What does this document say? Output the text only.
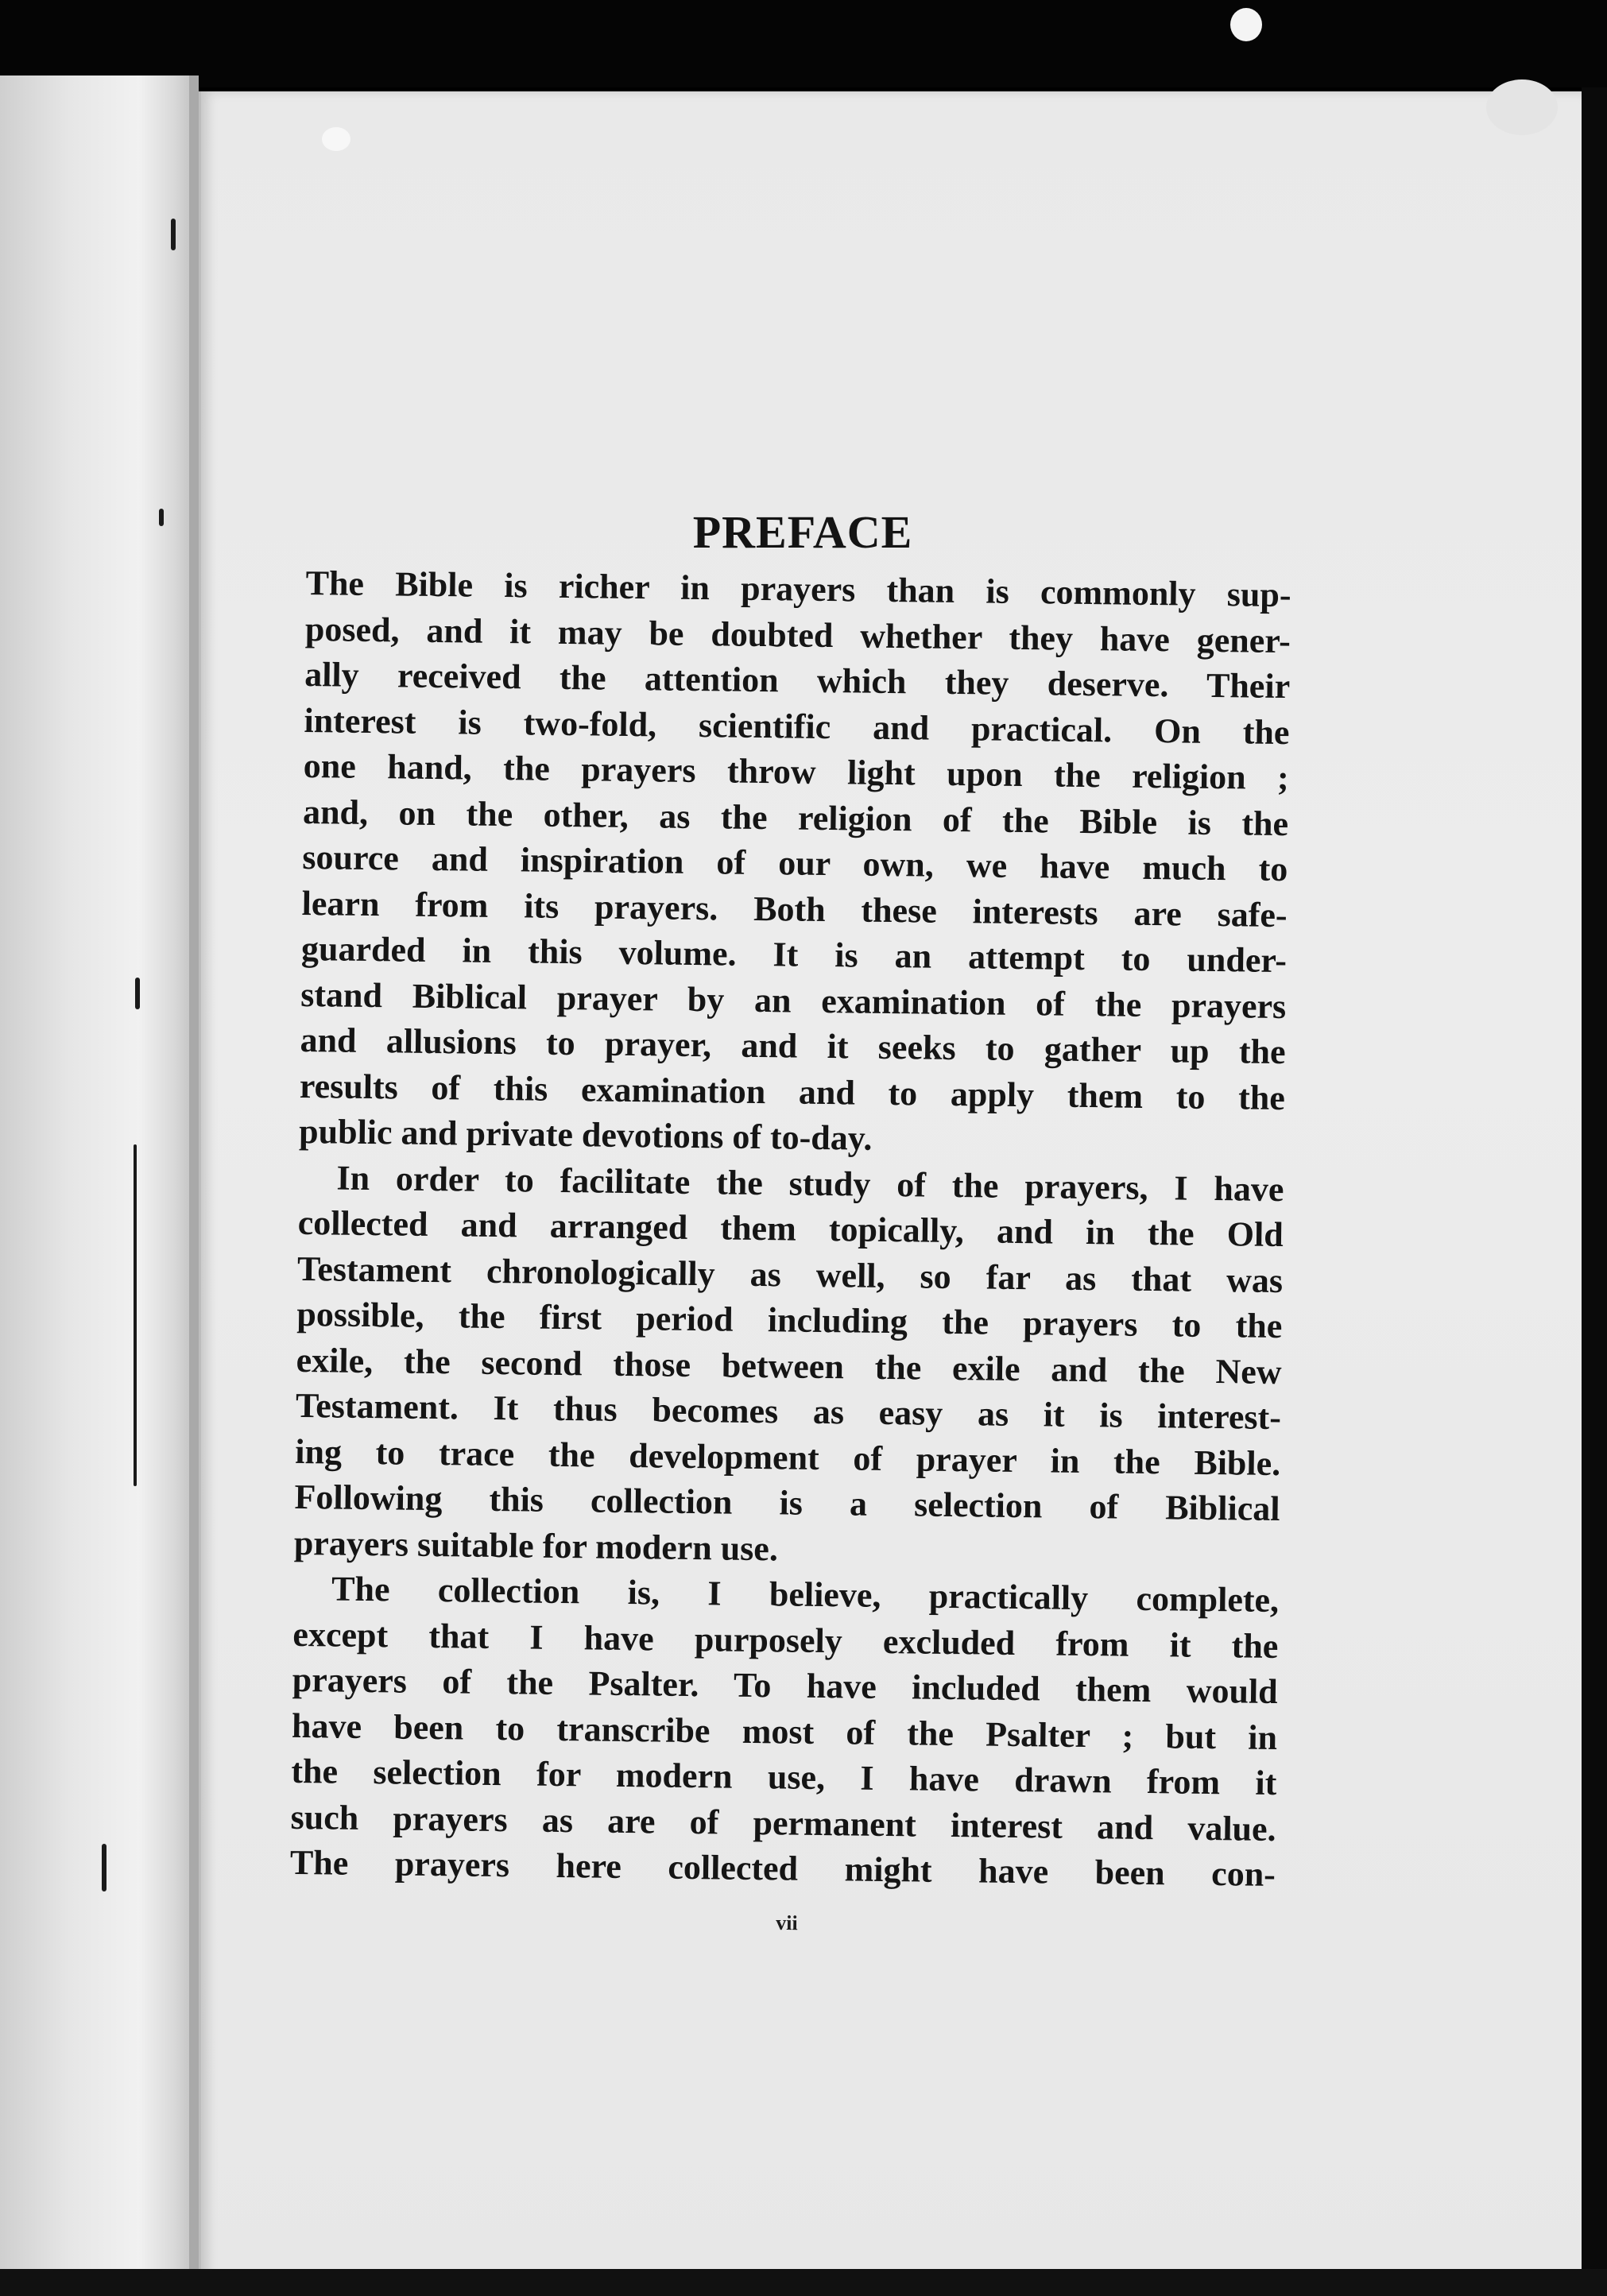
PREFACE

The Bible is richer in prayers than is commonly sup-
posed, and it may be doubted whether they have gener-
ally received the attention which they deserve. Their
interest is two-fold, scientific and practical. On the
one hand, the prayers throw light upon the religion ;
and, on the other, as the religion of the Bible is the
source and inspiration of our own, we have much to
learn from its prayers. Both these interests are safe-
guarded in this volume. It is an attempt to under-
stand Biblical prayer by an examination of the prayers
and allusions to prayer, and it seeks to gather up the
results of this examination and to apply them to the
public and private devotions of to-day.

In order to facilitate the study of the prayers, I have
collected and arranged them topically, and in the Old
Testament chronologically as well, so far as that was
possible, the first period including the prayers to the
exile, the second those between the exile and the New
Testament. It thus becomes as easy as it is interest-
ing to trace the development of prayer in the Bible.
Following this collection is a selection of Biblical
prayers suitable for modern use.

The collection is, I believe, practically complete,
except that I have purposely excluded from it the
prayers of the Psalter. To have included them would
have been to transcribe most of the Psalter ; but in
the selection for modern use, I have drawn from it
such prayers as are of permanent interest and value.
The prayers here collected might have been con-

vii
